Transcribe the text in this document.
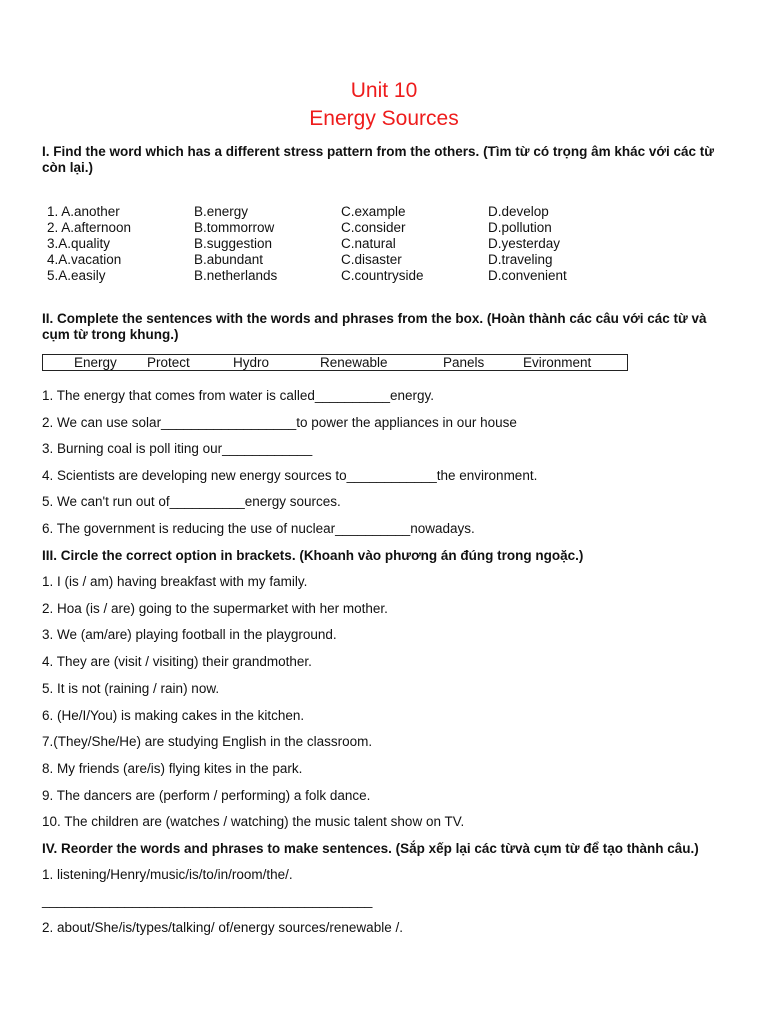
Unit 10
Energy Sources
I. Find the word which has a different stress pattern from the others. (Tìm từ có trọng âm khác với các từ còn lại.)
1. A.another	B.energy	C.example	D.develop
2. A.afternoon	B.tommorrow	C.consider	D.pollution
3.A.quality	B.suggestion	C.natural	D.yesterday
4.A.vacation	B.abundant	C.disaster	D.traveling
5.A.easily	B.netherlands	C.countryside	D.convenient
II. Complete the sentences with the words and phrases from the box. (Hoàn thành các câu với các từ và cụm từ trong khung.)
Energy Protect	Hydro	Renewable	Panels	Evironment
1. The energy that comes from water is called__________energy.
2. We can use solar__________________to power the appliances in our house
3. Burning coal is poll iting our____________
4. Scientists are developing new energy sources to____________the environment.
5. We can't run out of__________energy sources.
6. The government is reducing the use of nuclear__________nowadays.
III. Circle the correct option in brackets. (Khoanh vào phương án đúng trong ngoặc.)
1. I (is / am) having breakfast with my family.
2. Hoa (is / are) going to the supermarket with her mother.
3. We (am/are) playing football in the playground.
4. They are (visit / visiting) their grandmother.
5. It is not (raining / rain) now.
6. (He/I/You) is making cakes in the kitchen.
7.(They/She/He) are studying English in the classroom.
8. My friends (are/is) flying kites in the park.
9. The dancers are (perform / performing) a folk dance.
10. The children are (watches / watching) the music talent show on TV.
IV. Reorder the words and phrases to make sentences. (Sắp xếp lại các từvà cụm từ để tạo thành câu.)
1. listening/Henry/music/is/to/in/room/the/.
____________________________________________
2. about/She/is/types/talking/ of/energy sources/renewable /.
